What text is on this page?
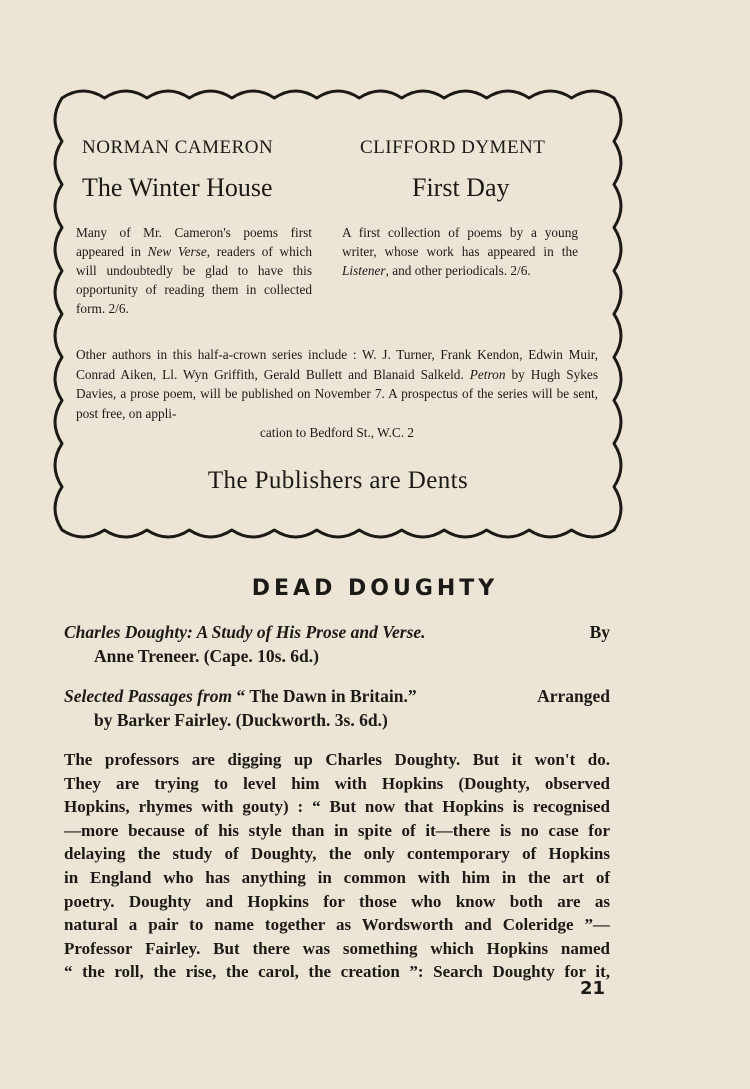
NORMAN CAMERON	CLIFFORD DYMENT
The Winter House	First Day
Many of Mr. Cameron's poems first appeared in New Verse, readers of which will undoubtedly be glad to have this opportunity of reading them in collected form. 2/6.
A first collection of poems by a young writer, whose work has appeared in the Listener, and other periodicals. 2/6.
Other authors in this half-a-crown series include : W. J. Turner, Frank Kendon, Edwin Muir, Conrad Aiken, Ll. Wyn Griffith, Gerald Bullett and Blanaid Salkeld. Petron by Hugh Sykes Davies, a prose poem, will be published on November 7. A prospectus of the series will be sent, post free, on appli-
cation to Bedford St., W.C. 2
The Publishers are Dents
DEAD DOUGHTY
Charles Doughty: A Study of His Prose and Verse.	By
Anne Treneer. (Cape. 10s. 6d.)
Selected Passages from “ The Dawn in Britain.”	Arranged
by Barker Fairley. (Duckworth. 3s. 6d.)
The professors are digging up Charles Doughty. But it won't do.
They are trying to level him with Hopkins (Doughty, observed
Hopkins, rhymes with gouty) : “ But now that Hopkins is recognised
—more because of his style than in spite of it—there is no case for
delaying the study of Doughty, the only contemporary of Hopkins
in England who has anything in common with him in the art of
poetry. Doughty and Hopkins for those who know both are as
natural a pair to name together as Wordsworth and Coleridge ”—
Professor Fairley. But there was something which Hopkins named
“ the roll, the rise, the carol, the creation ”: Search Doughty for it,
21
